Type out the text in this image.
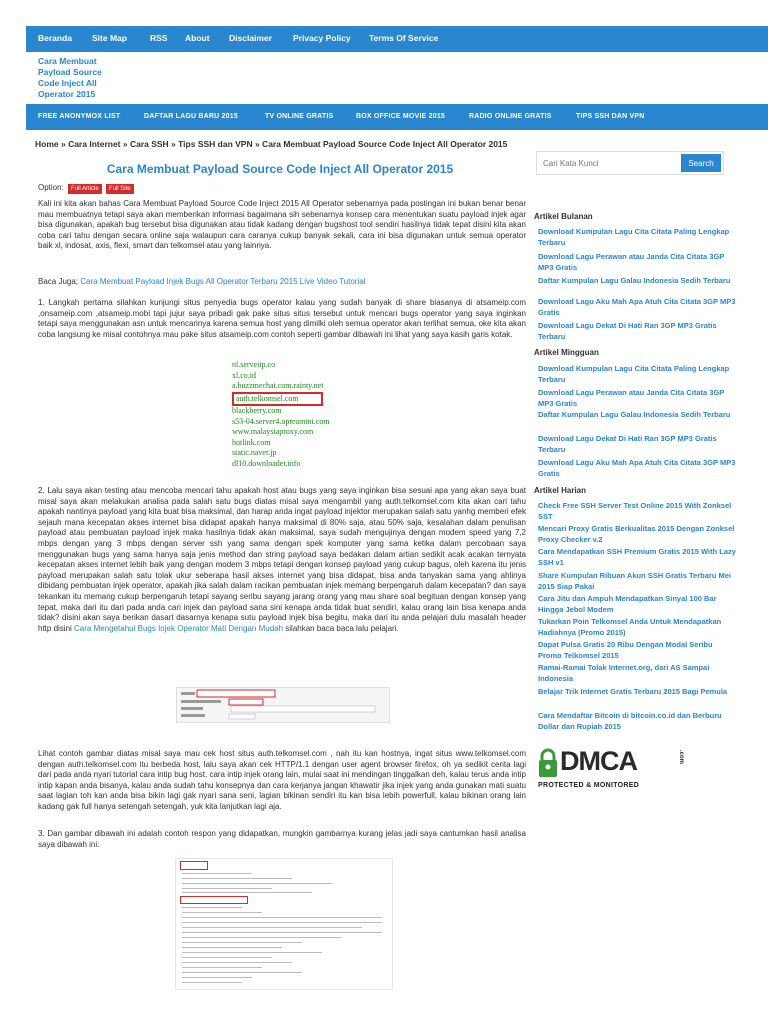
Beranda Site Map	RSS About Disclaimer Privacy Policy Terms Of Service
Cara Membuat Payload Source Code Inject All Operator 2015
FREE ANONYMOX LIST	DAFTAR LAGU BARU 2015	TV ONLINE GRATIS	BOX OFFICE MOVIE 2015	RADIO ONLINE GRATIS	TIPS SSH DAN VPN
Home » Cara Internet » Cara SSH » Tips SSH dan VPN » Cara Membuat Payload Source Code Inject All Operator 2015
Cari Kata Kunci
Search
Cara Membuat Payload Source Code Inject All Operator 2015
Option: Full Article Full Site

Kali ini kita akan bahas Cara Membuat Payload Source Code Inject 2015 All Operator sebenarnya pada postingan ini bukan benar benar mau membuatnya tetapi saya akan memberikan informasi bagaimana sih sebenarnya konsep cara menentukan suatu payload injek agar bisa digunakan, apakah bug tersebut bisa digunakan atau tidak kadang dengan bugshost tool sendiri hasilnya tidak tepat disini kita akan coba cari tahu dengan secara online saja walaupun cara caranya cukup banyak sekali, cara ini bisa digunakan untuk semua operator baik xl, indosat, axis, flexi, smart dan telkomsel atau yang lainnya.

Baca Juga; Cara Membuat Payload Injek Bugs All Operator Terbaru 2015 Live Video Tutorial

1. Langkah pertama silahkan kunjungi situs penyedia bugs operator kalau yang sudah banyak di share biasanya di atsameip.com ,onsameip.com ,atsameip.mobi tapi jujur saya pribadi gak pake situs situs tersebut untuk mencari bugs operator yang saya inginkan tetapi saya menggunakan asn untuk mencarinya karena semua host yang dimilki oleh semua operator akan terlihat semua, oke kita akan coba langsung ke misal contohnya mau pake situs atsameip.com contoh seperti gambar dibawah ini lihat yang saya kasih garis kotak.

nl.serveiip.co
xl.co.id
a.buzzmechat.com.rainty.net
auth.telkomsel.com
blackberry.com
s53-04.server4.opreamini.com
www.malaysiaproxy.com
hotlink.com
static.naver.jp
dl10.downloader.info

2. Lalu saya akan testing atau mencoba mencari tahu apakah host atau bugs yang saya inginkan bisa sesuai apa yang akan saya buat misal saya akan melakukan analisa pada salah satu bugs diatas misal saya mengambil yang auth.telkomsel.com kita akan cari tahu apakah nantinya payload yang kita buat bisa maksimal, dan harap anda ingat payload injektor merupakan salah satu yanhg memberi efek sejauh mana kecepatan akses internet bisa didapat apakah hanya maksimal di 80% saja, atau 50% saja, kesalahan dalam penulisan payload atau pembuatan payload injek maka hasilnya tidak akan maksimal, saya sudah mengujinya dengan modem speed yang 7,2 mbps dengan yang 3 mbps dengan server ssh yang sama dengan spek komputer yang sama ketika dalam percobaan saya menggunakan bugs yang sama hanya saja jenis method dan string payload saya bedakan dalam artian sedikit acak acakan ternyata kecepatan akses internet lebih baik yang dengan modem 3 mbps tetapi dengan konsep payload yang cukup bagus, oleh karena itu jenis payload merupakan salah satu tolak ukur seberapa hasil akses internet yang bisa didapat, bisa anda tanyakan sama yang ahlinya dibidang pembuatan injek operator, apakah jika salah dalam racikan pembuatan injek memang berpengaruh dalam kecepatan? dan saya tekankan itu memang cukup berpengaruh tetapi sayang seribu sayang jarang orang yang mau share soal begituan dengan konsep yang tepat, maka dari itu dari pada anda cari injek dan payload sana sini kenapa anda tidak buat sendiri, kalau orang lain bisa kenapa anda tidak? disini akan saya berikan dasart dasarnya kenapa sutu payload injek bisa begitu, maka dari itu anda pelajari dulu masalah header http disini Cara Mengetahui Bugs Injek Operator Mati Dengan Mudah silahkan baca baca lalu pelajari.

Lihat contoh gambar diatas misal saya mau cek host situs auth.telkomsel.com , nah itu kan hostnya, ingat situs www.telkomsel.com dengan auth.telkomsel.com itu berbeda host, lalu saya akan cek HTTP/1.1 dengan user agent browser firefox, oh ya sedikit cerita lagi dari pada anda nyari tutorial cara intip bug host, cara intip injek orang lain, mulai saat ini mendingan tinggalkan deh, kalau terus anda intip intip kapan anda bisanya, kalau anda sudah tahu konsepnya dan cara kerjanya jangan khawatir jika injek yang anda gunakan mati suatu saat lagian toh kan anda bisa bikin lagi gak nyari sana seni, lagian bikinan sendiri itu kan bisa lebih powerfull, kalau bikinan orang lain kadang gak full hanya setengah setengah, yuk kita lanjutkan lagi aja.

3. Dan gambar dibawah ini adalah contoh respon yang didapatkan, mungkin gambarnya kurang jelas jadi saya cantumkan hasil analisa saya dibawah ini:

Artikel Bulanan
Download Kumpulan Lagu Cita Citata Paling Lengkap Terbaru
Download Lagu Perawan atau Janda Cita Citata 3GP MP3 Gratis
Daftar Kumpulan Lagu Galau Indonesia Sedih Terbaru
Download Lagu Aku Mah Apa Atuh Cita Citata 3GP MP3 Gratis
Download Lagu Dekat Di Hati Ran 3GP MP3 Gratis Terbaru
Artikel Mingguan
Download Kumpulan Lagu Cita Citata Paling Lengkap Terbaru
Download Lagu Perawan atau Janda Cita Citata 3GP MP3 Gratis
Daftar Kumpulan Lagu Galau Indonesia Sedih Terbaru
Download Lagu Dekat Di Hati Ran 3GP MP3 Gratis Terbaru
Download Lagu Aku Mah Apa Atuh Cita Citata 3GP MP3 Gratis
Artikel Harian
Check Free SSH Server Test Online 2015 With Zonksel SST
Mencari Proxy Gratis Berkualitas 2015 Dengan Zonksel Proxy Checker v.2
Cara Mendapatkan SSH Premium Gratis 2015 With Lazy SSH v1
Share Kumpulan Ribuan Akun SSH Gratis Terbaru Mei 2015 Siap Pakai
Cara Jitu dan Ampuh Mendapatkan Sinyal 100 Bar Hingga Jebol Modem
Tukarkan Poin Telkomsel Anda Untuk Mendapatkan Hadiahnya (Promo 2015)
Dapat Pulsa Gratis 20 Ribu Dengan Modal Seribu Promo Telkomsel 2015
Ramai-Ramai Tolak Internet.org, dari AS Sampai Indonesia
Belajar Trik Internet Gratis Terbaru 2015 Bagi Pemula
Cara Mendaftar Bitcoin di bitcoin.co.id dan Berburu Dollar dan Rupiah 2015
DMCA	.com
PROTECTED & MONITORED
